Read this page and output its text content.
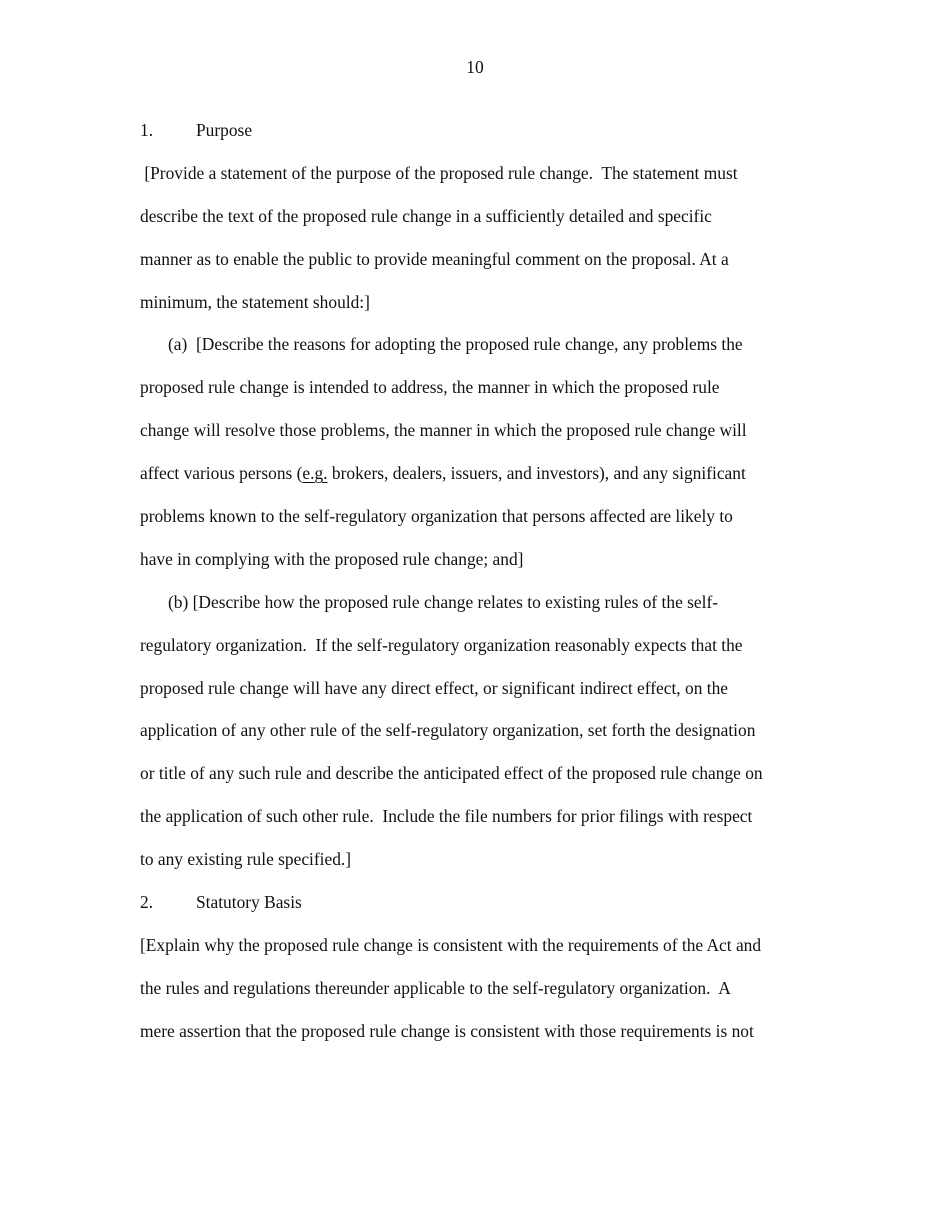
10
1. Purpose
[Provide a statement of the purpose of the proposed rule change.  The statement must
describe the text of the proposed rule change in a sufficiently detailed and specific
manner as to enable the public to provide meaningful comment on the proposal. At a
minimum, the statement should:]
(a)  [Describe the reasons for adopting the proposed rule change, any problems the
proposed rule change is intended to address, the manner in which the proposed rule
change will resolve those problems, the manner in which the proposed rule change will
affect various persons (e.g. brokers, dealers, issuers, and investors), and any significant
problems known to the self-regulatory organization that persons affected are likely to
have in complying with the proposed rule change; and]
(b) [Describe how the proposed rule change relates to existing rules of the self-
regulatory organization.  If the self-regulatory organization reasonably expects that the
proposed rule change will have any direct effect, or significant indirect effect, on the
application of any other rule of the self-regulatory organization, set forth the designation
or title of any such rule and describe the anticipated effect of the proposed rule change on
the application of such other rule.  Include the file numbers for prior filings with respect
to any existing rule specified.]
2. Statutory Basis
[Explain why the proposed rule change is consistent with the requirements of the Act and
the rules and regulations thereunder applicable to the self-regulatory organization.  A
mere assertion that the proposed rule change is consistent with those requirements is not
